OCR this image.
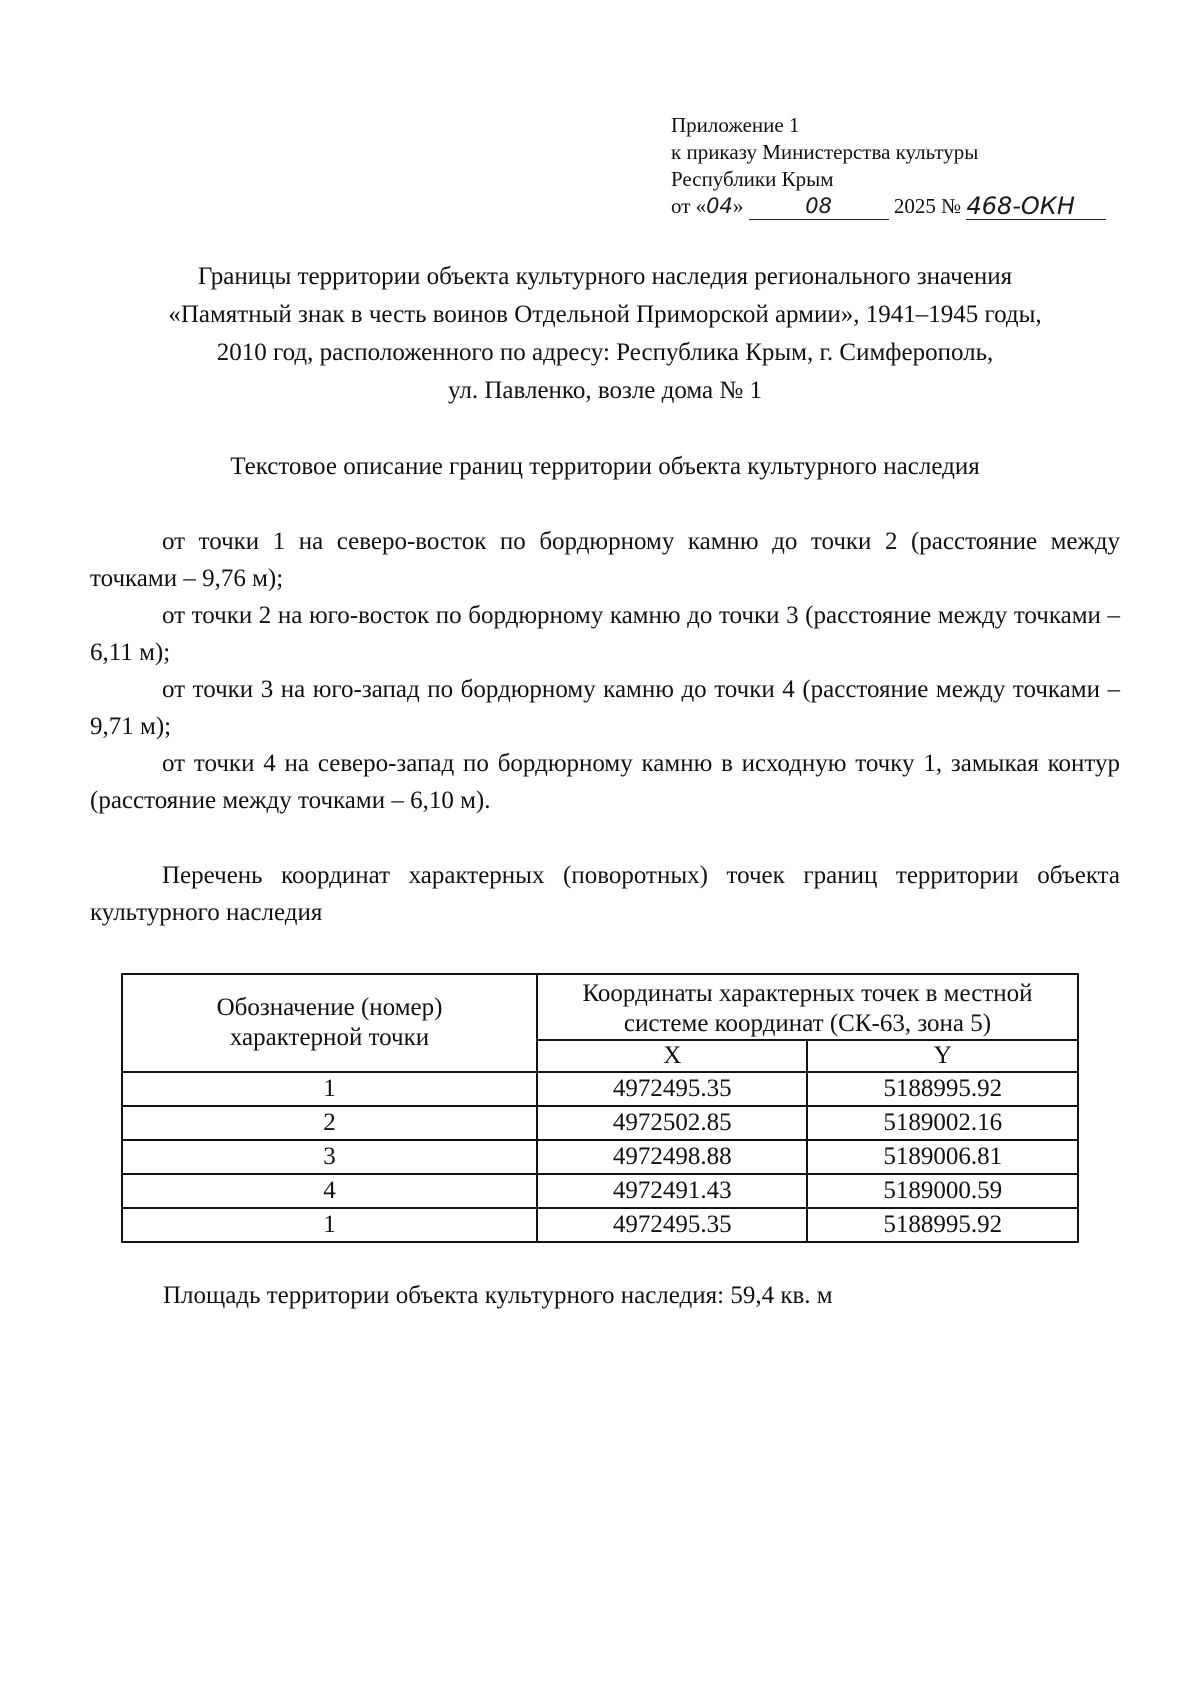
Приложение 1
к приказу Министерства культуры
Республики Крым
от «04»	08	2025 № 468-ОКН
Границы территории объекта культурного наследия регионального значения
«Памятный знак в честь воинов Отдельной Приморской армии», 1941–1945 годы,
2010 год, расположенного по адресу: Республика Крым, г. Симферополь,
ул. Павленко, возле дома № 1
Текстовое описание границ территории объекта культурного наследия
от точки 1 на северо-восток по бордюрному камню до точки 2 (расстояние между точками – 9,76 м);
от точки 2 на юго-восток по бордюрному камню до точки 3 (расстояние между точками – 6,11 м);
от точки 3 на юго-запад по бордюрному камню до точки 4 (расстояние между точками – 9,71 м);
от точки 4 на северо-запад по бордюрному камню в исходную точку 1, замыкая контур (расстояние между точками – 6,10 м).
Перечень координат характерных (поворотных) точек границ территории объекта культурного наследия
Обозначение (номер) характерной точки	Координаты характерных точек в местной системе координат (СК-63, зона 5)	
	X	Y
1	4972495.35	5188995.92
2	4972502.85	5189002.16
3	4972498.88	5189006.81
4	4972491.43	5189000.59
1	4972495.35	5188995.92
Площадь территории объекта культурного наследия: 59,4 кв. м
